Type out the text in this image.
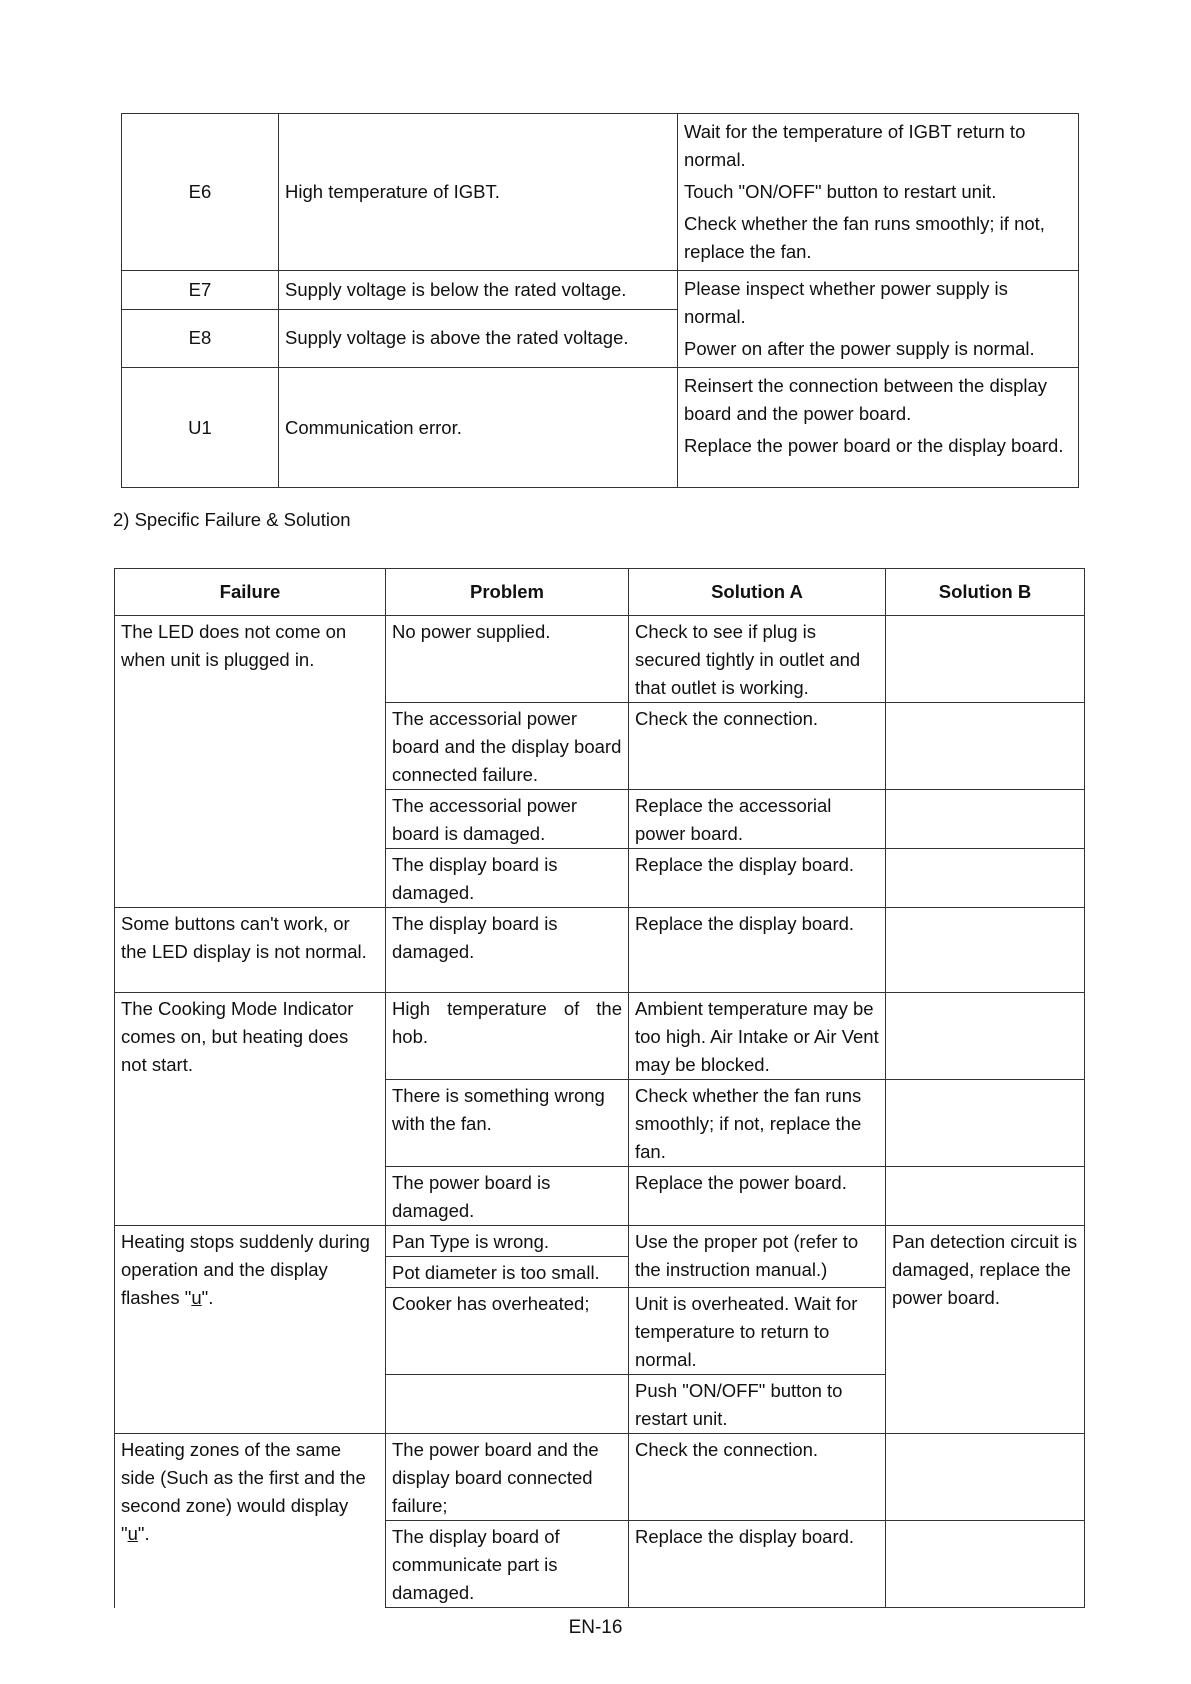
E6	High temperature of IGBT.	Wait for the temperature of IGBT return to normal.

Touch "ON/OFF" button to restart unit.

Check whether the fan runs smoothly; if not, replace the fan.

E7	Supply voltage is below the rated voltage.	Please inspect whether power supply is normal.

Power on after the power supply is normal.

E8	Supply voltage is above the rated voltage.	
U1	Communication error.	Reinsert the connection between the display board and the power board.

Replace the power board or the display board.

2) Specific Failure & Solution
Failure	Problem	Solution A	Solution B
The LED does not come on when unit is plugged in.	No power supplied.	Check to see if plug is secured tightly in outlet and that outlet is working.	
	The accessorial power board and the display board connected failure.	Check the connection.	
	The accessorial power board is damaged.	Replace the accessorial power board.	
	The display board is damaged.	Replace the display board.	
Some buttons can't work, or the LED display is not normal.	The display board is damaged.	Replace the display board.	
The Cooking Mode Indicator comes on, but heating does not start.	High temperature of the hob.	Ambient temperature may be too high. Air Intake or Air Vent may be blocked.	
	There is something wrong with the fan.	Check whether the fan runs smoothly; if not, replace the fan.	
	The power board is damaged.	Replace the power board.	
Heating stops suddenly during operation and the display flashes "u".	Pan Type is wrong.	Use the proper pot (refer to the instruction manual.)	Pan detection circuit is damaged, replace the power board.
	Pot diameter is too small.		
	Cooker has overheated;	Unit is overheated. Wait for temperature to return to normal.	
		Push "ON/OFF" button to restart unit.	
Heating zones of the same side (Such as the first and the second zone) would display "u".	The power board and the display board connected failure;	Check the connection.	
	The display board of communicate part is damaged.	Replace the display board.	
EN-16
